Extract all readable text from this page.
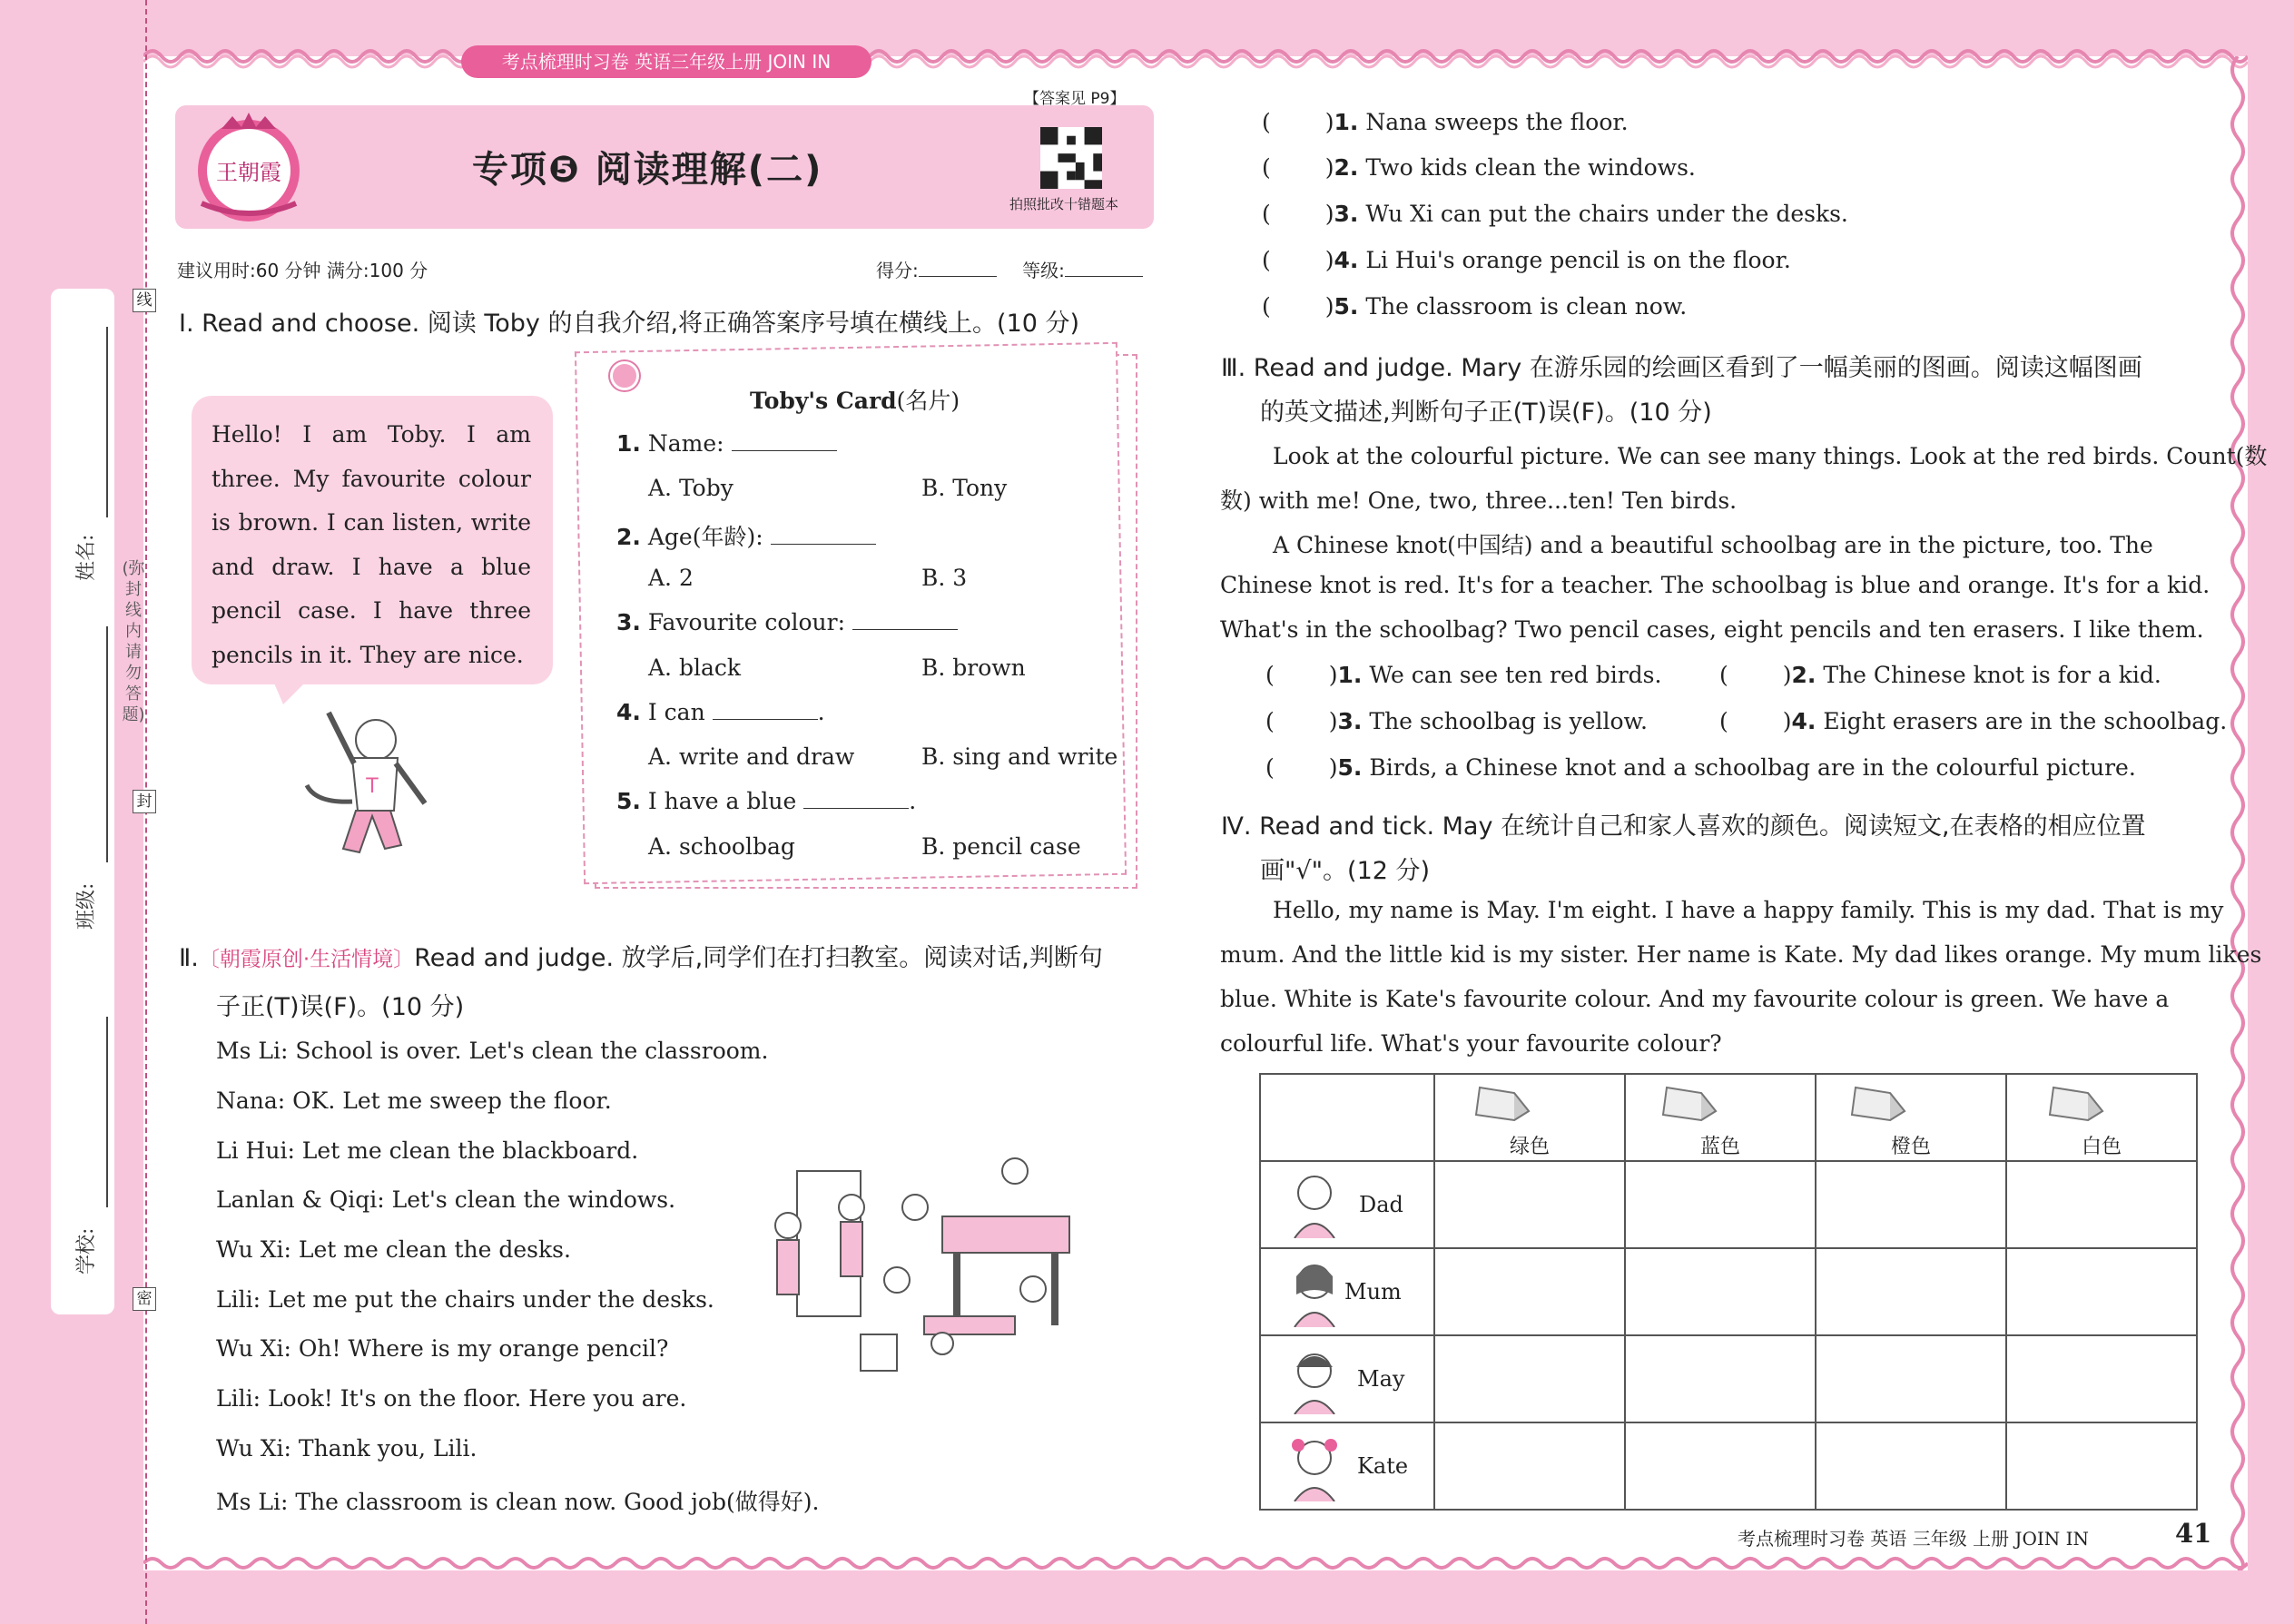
考点梳理时习卷 英语三年级上册 JOIN IN
姓名:
班级:
学校:
线
封
密
(弥封线内请勿答题)
【答案见 P9】
王朝霞	专项❺ 阅读理解(二)
拍照批改十错题本
建议用时:60 分钟 满分:100 分	得分:	等级:
Ⅰ. Read and choose. 阅读 Toby 的自我介绍,将正确答案序号填在横线上。(10 分)
Hello! I am Toby. I am three. My favourite colour is brown. I can listen, write and draw. I have a blue pencil case. I have three pencils in it. They are nice.
T
Toby's Card(名片)
1. Name:
A. Toby	B. Tony
2. Age(年龄):
A. 2	B. 3
3. Favourite colour:
A. black	B. brown
4. I can	.
A. write and draw	B. sing and write
5. I have a blue	.
A. schoolbag	B. pencil case
Ⅱ.〔朝霞原创·生活情境〕Read and judge. 放学后,同学们在打扫教室。阅读对话,判断句
子正(T)误(F)。(10 分)
Ms Li: School is over. Let's clean the classroom.
Nana: OK. Let me sweep the floor.
Li Hui: Let me clean the blackboard.
Lanlan & Qiqi: Let's clean the windows.
Wu Xi: Let me clean the desks.
Lili: Let me put the chairs under the desks.
Wu Xi: Oh! Where is my orange pencil?
Lili: Look! It's on the floor. Here you are.
Wu Xi: Thank you, Lili.
Ms Li: The classroom is clean now. Good job(做得好).
( )1. Nana sweeps the floor.
( )2. Two kids clean the windows.
( )3. Wu Xi can put the chairs under the desks.
( )4. Li Hui's orange pencil is on the floor.
( )5. The classroom is clean now.
Ⅲ. Read and judge. Mary 在游乐园的绘画区看到了一幅美丽的图画。阅读这幅图画
的英文描述,判断句子正(T)误(F)。(10 分)
Look at the colourful picture. We can see many things. Look at the red birds. Count(数
数) with me! One, two, three...ten! Ten birds.
A Chinese knot(中国结) and a beautiful schoolbag are in the picture, too. The
Chinese knot is red. It's for a teacher. The schoolbag is blue and orange. It's for a kid.
What's in the schoolbag? Two pencil cases, eight pencils and ten erasers. I like them.
( )1. We can see ten red birds.	( )2. The Chinese knot is for a kid.
( )3. The schoolbag is yellow.	( )4. Eight erasers are in the schoolbag.
( )5. Birds, a Chinese knot and a schoolbag are in the colourful picture.
Ⅳ. Read and tick. May 在统计自己和家人喜欢的颜色。阅读短文,在表格的相应位置
画"√"。(12 分)
Hello, my name is May. I'm eight. I have a happy family. This is my dad. That is my
mum. And the little kid is my sister. Her name is Kate. My dad likes orange. My mum likes
blue. White is Kate's favourite colour. And my favourite colour is green. We have a
colourful life. What's your favourite colour?

	绿色	蓝色	橙色	白色

Dad				
Mum				
May				
Kate				
考点梳理时习卷 英语 三年级 上册 JOIN IN	41
